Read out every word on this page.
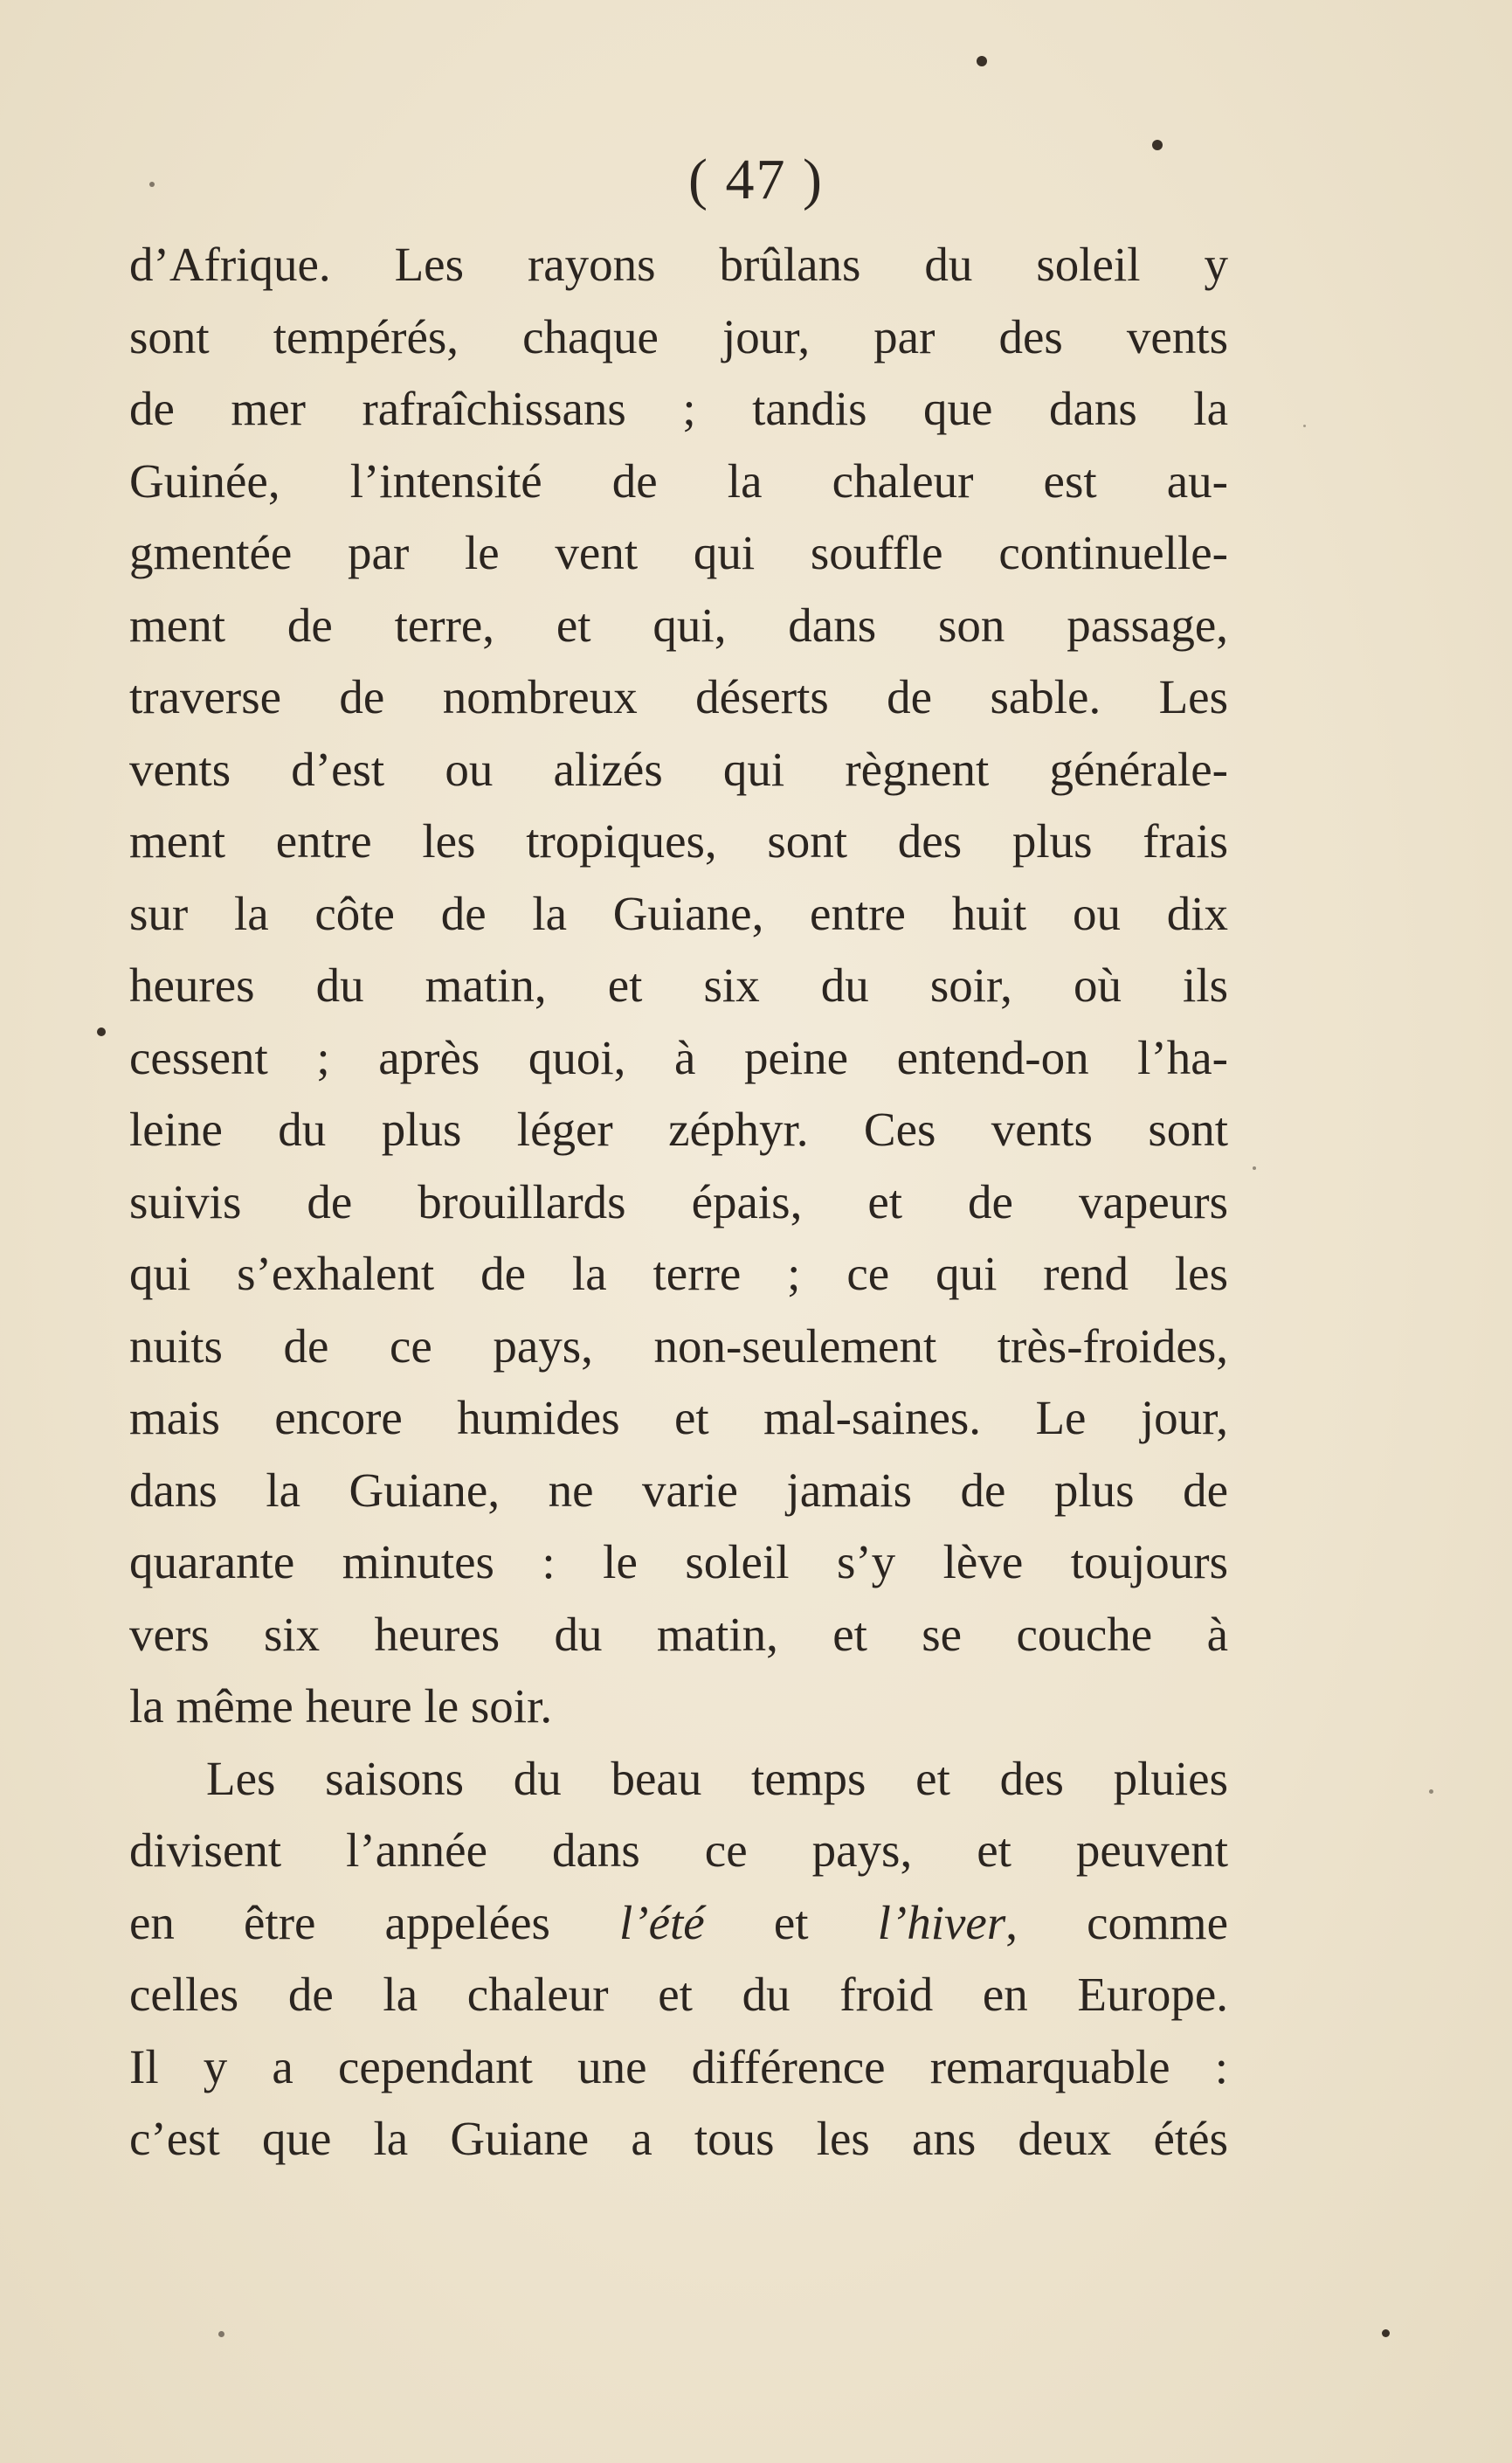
( 47 )
d’Afrique. Les rayons brûlans du soleil y
sont tempérés, chaque jour, par des vents
de mer rafraîchissans ; tandis que dans la
Guinée, l’intensité de la chaleur est au-
gmentée par le vent qui souffle continuelle-
ment de terre, et qui, dans son passage,
traverse de nombreux déserts de sable. Les
vents d’est ou alizés qui règnent générale-
ment entre les tropiques, sont des plus frais
sur la côte de la Guiane, entre huit ou dix
heures du matin, et six du soir, où ils
cessent ; après quoi, à peine entend-on l’ha-
leine du plus léger zéphyr. Ces vents sont
suivis de brouillards épais, et de vapeurs
qui s’exhalent de la terre ; ce qui rend les
nuits de ce pays, non-seulement très-froides,
mais encore humides et mal-saines. Le jour,
dans la Guiane, ne varie jamais de plus de
quarante minutes : le soleil s’y lève toujours
vers six heures du matin, et se couche à
la même heure le soir.
Les saisons du beau temps et des pluies
divisent l’année dans ce pays, et peuvent
en être appelées l’été et l’hiver, comme
celles de la chaleur et du froid en Europe.
Il y a cependant une différence remarquable :
c’est que la Guiane a tous les ans deux étés
